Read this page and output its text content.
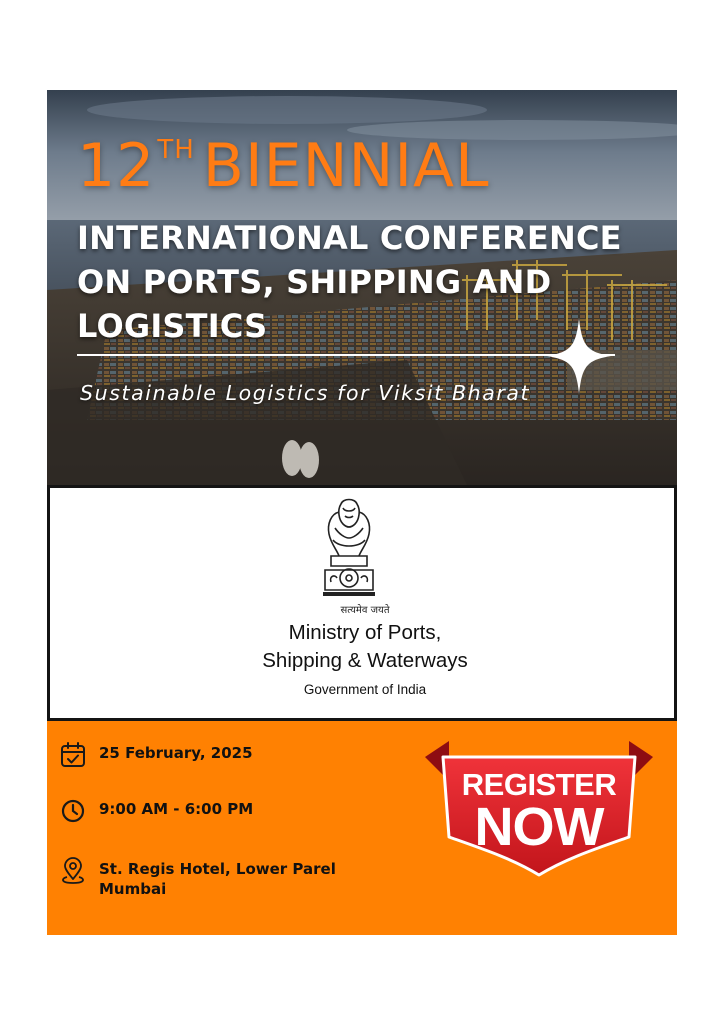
12TH BIENNIAL
INTERNATIONAL CONFERENCE
ON PORTS, SHIPPING AND
LOGISTICS

Sustainable Logistics for Viksit Bharat

सत्यमेव जयते
Ministry of Ports,
Shipping & Waterways
Government of India
25 February, 2025
9:00 AM - 6:00 PM
St. Regis Hotel, Lower Parel
Mumbai
REGISTER
NOW
